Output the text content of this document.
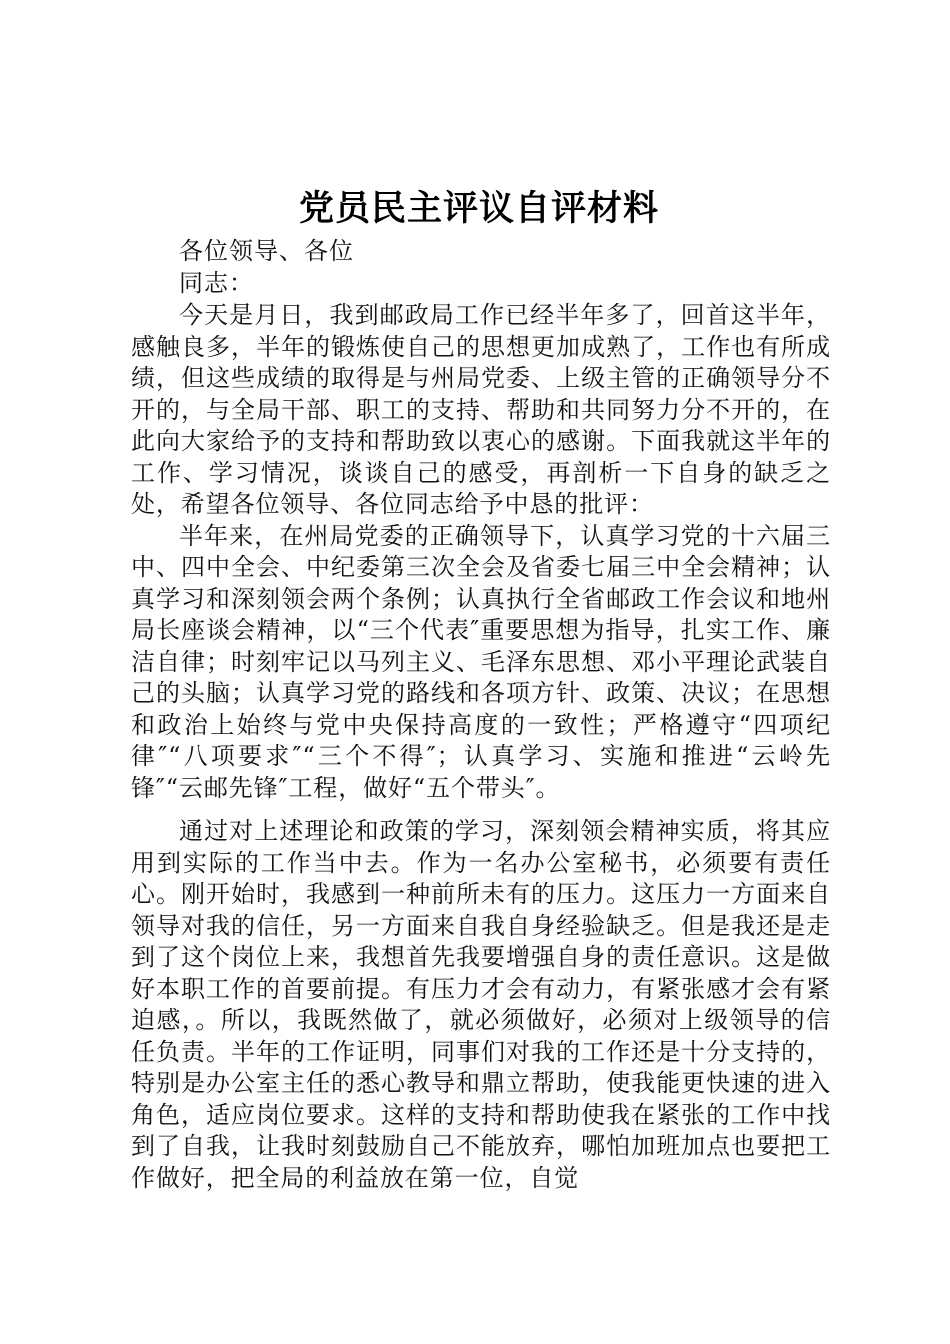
党员民主评议自评材料
各位领导、各位
同志：

今天是月日，我到邮政局工作已经半年多了，回首这半年，感触良多，半年的锻炼使自己的思想更加成熟了，工作也有所成绩，但这些成绩的取得是与州局党委、上级主管的正确领导分不开的，与全局干部、职工的支持、帮助和共同努力分不开的，在此向大家给予的支持和帮助致以衷心的感谢。下面我就这半年的工作、学习情况，谈谈自己的感受，再剖析一下自身的缺乏之处，希望各位领导、各位同志给予中恳的批评：

半年来，在州局党委的正确领导下，认真学习党的十六届三中、四中全会、中纪委第三次全会及省委七届三中全会精神；认真学习和深刻领会两个条例；认真执行全省邮政工作会议和地州局长座谈会精神，以“三个代表″重要思想为指导，扎实工作、廉洁自律；时刻牢记以马列主义、毛泽东思想、邓小平理论武装自己的头脑；认真学习党的路线和各项方针、政策、决议；在思想和政治上始终与党中央保持高度的一致性；严格遵守“四项纪律″“八项要求″“三个不得″；认真学习、实施和推进“云岭先锋″“云邮先锋″工程，做好“五个带头″。

通过对上述理论和政策的学习，深刻领会精神实质，将其应用到实际的工作当中去。作为一名办公室秘书，必须要有责任心。刚开始时，我感到一种前所未有的压力。这压力一方面来自领导对我的信任，另一方面来自我自身经验缺乏。但是我还是走到了这个岗位上来，我想首先我要增强自身的责任意识。这是做好本职工作的首要前提。有压力才会有动力，有紧张感才会有紧迫感，。所以，我既然做了，就必须做好，必须对上级领导的信任负责。半年的工作证明，同事们对我的工作还是十分支持的，特别是办公室主任的悉心教导和鼎立帮助，使我能更快速的进入角色，适应岗位要求。这样的支持和帮助使我在紧张的工作中找到了自我，让我时刻鼓励自己不能放弃，哪怕加班加点也要把工作做好，把全局的利益放在第一位，自觉
